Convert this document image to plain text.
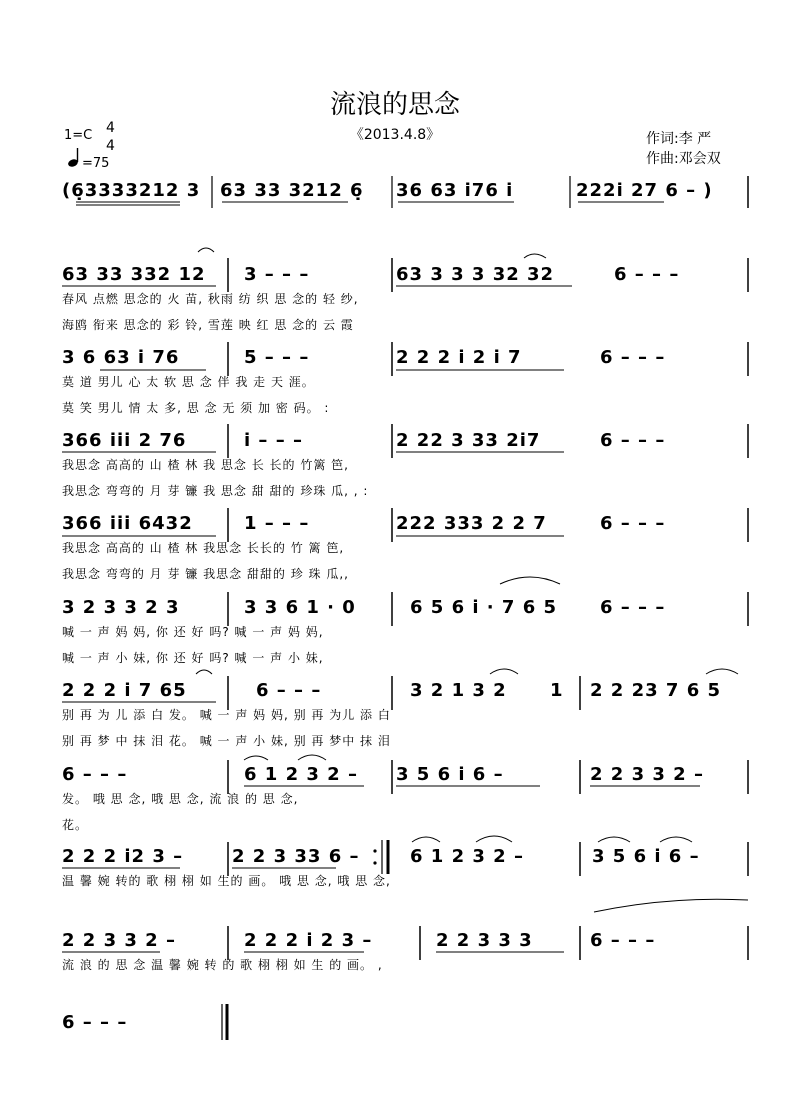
流浪的思念
《2013.4.8》	作词:李 严
作曲:邓会双
1=C 4
4
=75
(6̣3333212 3 63 33 3212 6̣ 36 63 i76 i	222i 27 6 – )
63 33 332 12 3 – – –	63 3 3 3 32 32	6 – – –
春风 点燃 思念的 火 苗, 秋雨 纺 织 思 念的 轻 纱,
海鸥 衔来 思念的 彩 铃, 雪莲 映 红 思 念的 云 霞
3 6 63 i 76	5 – – –	2 2 2 i 2 i 7	6 – – –
莫 道 男儿 心 太 软 思 念 伴 我 走 天 涯。
莫 笑 男儿 情 太 多, 思 念 无 须 加 密 码。 :
366 iii 2 76	i – – –	2 22 3 33 2i7	6 – – –
我思念 高高的 山 楂 林 我 思念 长 长的 竹篱 笆,
我思念 弯弯的 月 芽 镰 我 思念 甜 甜的 珍珠 瓜, , :
366 iii 6432	1 – – –	222 333 2 2 7	6 – – –
我思念 高高的 山 楂 林 我思念 长长的 竹 篱 笆,
我思念 弯弯的 月 芽 镰 我思念 甜甜的 珍 珠 瓜,,
3 2 3 3 2 3	3 3 6 1 · 0	6 5 6 i · 7 6 5 6 – – –
喊 一 声 妈 妈, 你 还 好 吗? 喊 一 声 妈 妈,
喊 一 声 小 妹, 你 还 好 吗? 喊 一 声 小 妹,
2 2 2 i 7 65	6 – – –	3 2 1 3 2 1 2 2 23 7 6 5
别 再 为 儿 添 白 发。 喊 一 声 妈 妈, 别 再 为儿 添 白
别 再 梦 中 抹 泪 花。 喊 一 声 小 妹, 别 再 梦中 抹 泪
6 – – –	6 1 2 3 2 – 3 5 6 i 6 –	2 2 3 3 2 –
发。 哦 思 念, 哦 思 念, 流 浪 的 思 念,
花。
2 2 2 i2 3 –	2 2 3 33 6 –	6 1 2 3 2 –	3 5 6 i 6 –
温 馨 婉 转的 歌 栩 栩 如 生的 画。 哦 思 念, 哦 思 念,
2 2 3 3 2 –	2 2 2 i 2 3 –	2 2 3 3 3	6 – – –
流 浪 的 思 念 温 馨 婉 转 的 歌 栩 栩 如 生 的 画。 ,
6 – – –
